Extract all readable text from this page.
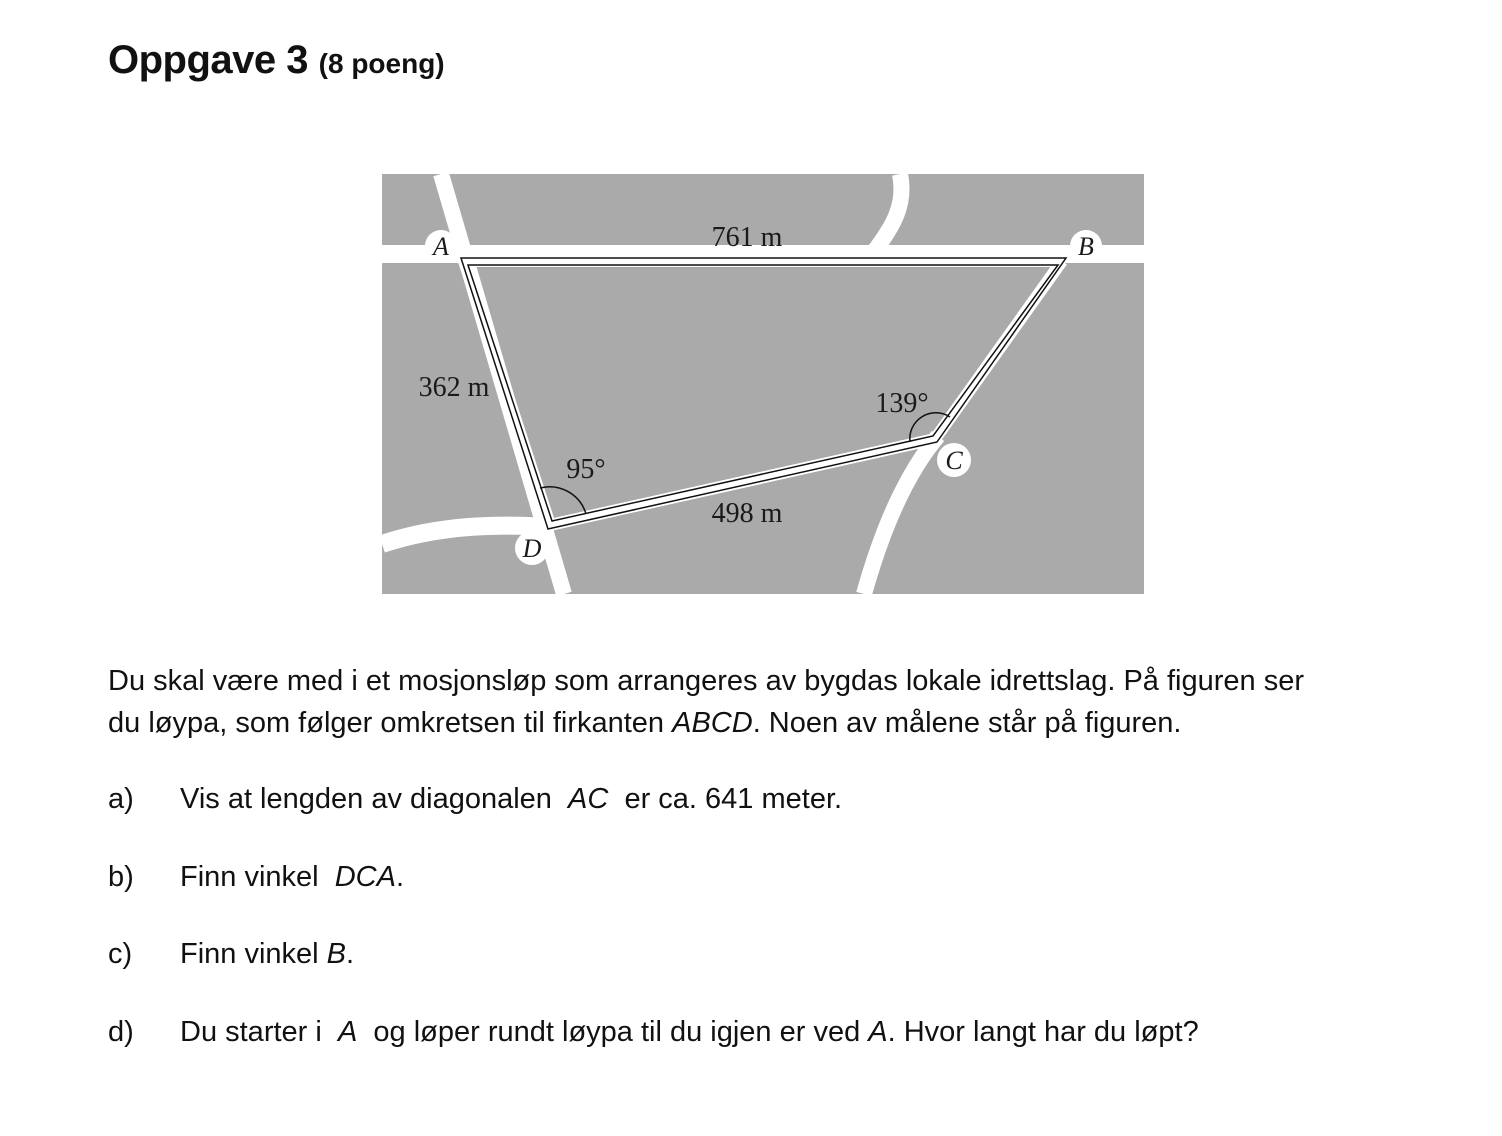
Oppgave 3 (8 poeng)
A	B
C
D
761 m
362 m
498 m
95°
139°

Du skal være med i et mosjonsløp som arrangeres av bygdas lokale idrettslag. På figuren ser
du løypa, som følger omkretsen til firkanten ABCD. Noen av målene står på figuren.

a) Vis at lengden av diagonalen  AC  er ca. 641 meter.
b) Finn vinkel  DCA.
c) Finn vinkel B.
d) Du starter i  A  og løper rundt løypa til du igjen er ved A. Hvor langt har du løpt?
